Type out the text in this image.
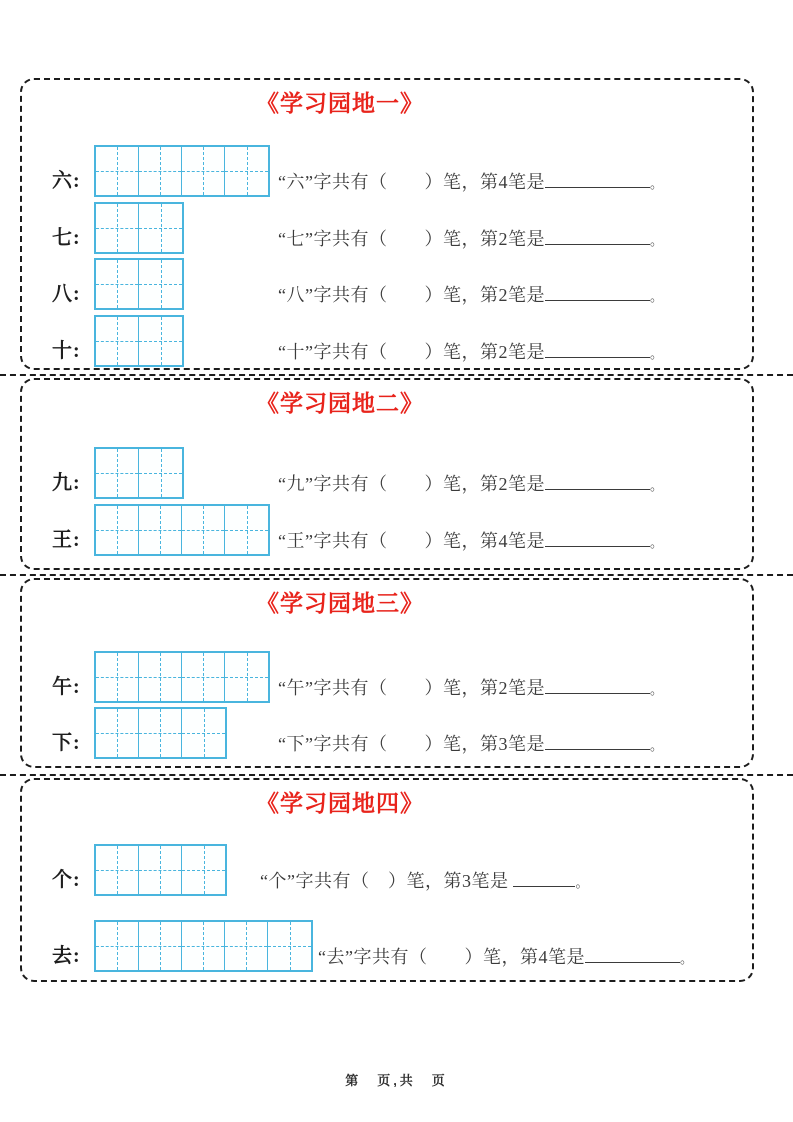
《学习园地一》
六:	“六”字共有（　　）笔，第4笔是	。
七:	“七”字共有（　　）笔，第2笔是	。
八:	“八”字共有（　　）笔，第2笔是	。
十:	“十”字共有（　　）笔，第2笔是	。
《学习园地二》
九:	“九”字共有（　　）笔，第2笔是	。
王:	“王”字共有（　　）笔，第4笔是	。
《学习园地三》
午:	“午”字共有（　　）笔，第2笔是	。
下:	“下”字共有（　　）笔，第3笔是	。
《学习园地四》
个:	“个”字共有（　）笔，第3笔是	。
去:	“去”字共有（　　）笔，第4笔是	。
第　页,共　页
